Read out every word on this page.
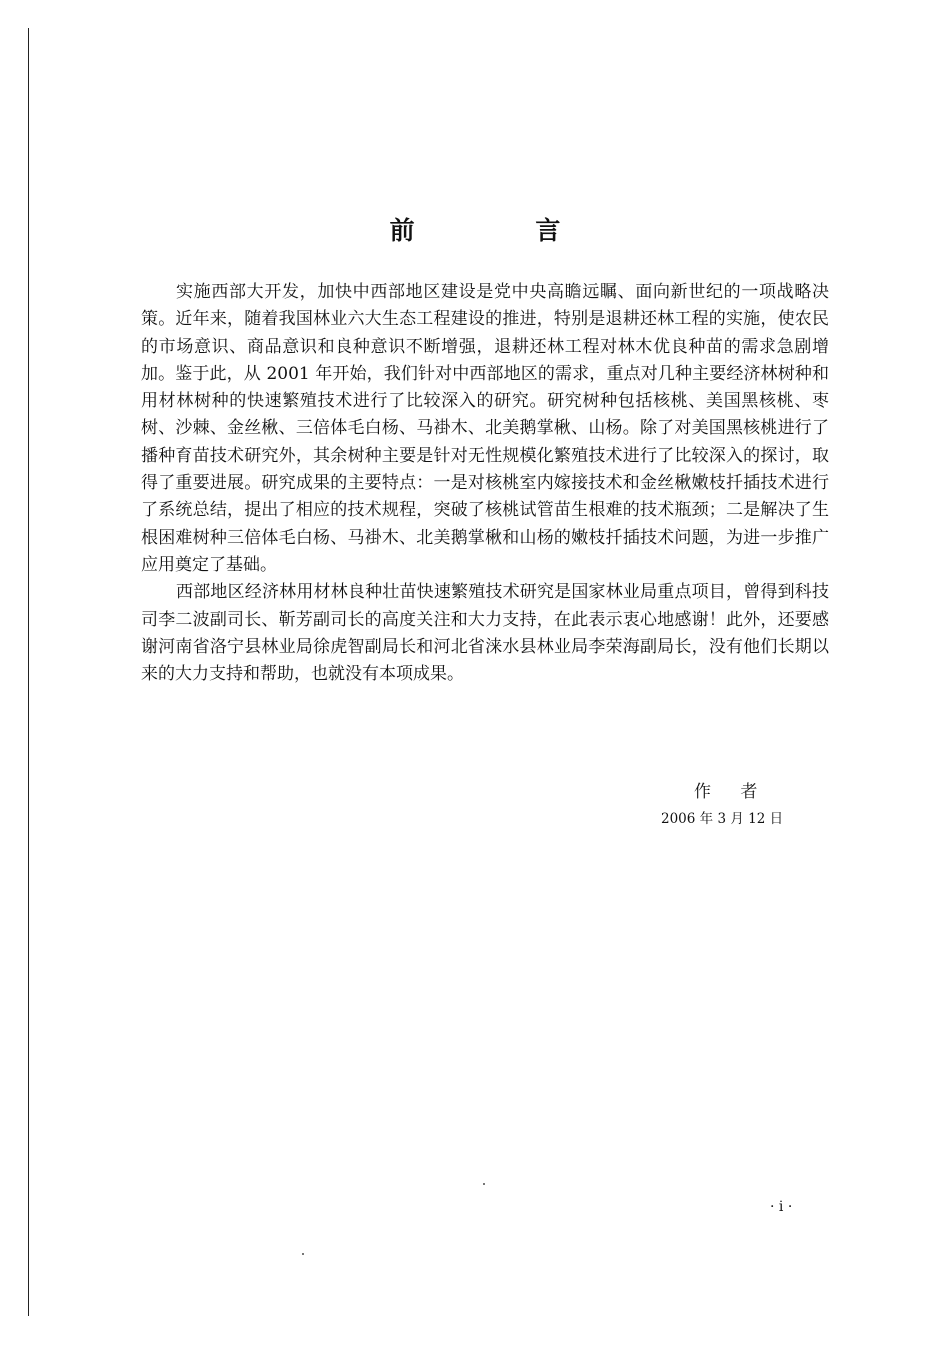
前 言

实施西部大开发，加快中西部地区建设是党中央高瞻远瞩、面向新世纪的一项战略决策。近年来，随着我国林业六大生态工程建设的推进，特别是退耕还林工程的实施，使农民的市场意识、商品意识和良种意识不断增强，退耕还林工程对林木优良种苗的需求急剧增加。鉴于此，从 2001 年开始，我们针对中西部地区的需求，重点对几种主要经济林树种和用材林树种的快速繁殖技术进行了比较深入的研究。研究树种包括核桃、美国黑核桃、枣树、沙棘、金丝楸、三倍体毛白杨、马褂木、北美鹅掌楸、山杨。除了对美国黑核桃进行了播种育苗技术研究外，其余树种主要是针对无性规模化繁殖技术进行了比较深入的探讨，取得了重要进展。研究成果的主要特点：一是对核桃室内嫁接技术和金丝楸嫩枝扦插技术进行了系统总结，提出了相应的技术规程，突破了核桃试管苗生根难的技术瓶颈；二是解决了生根困难树种三倍体毛白杨、马褂木、北美鹅掌楸和山杨的嫩枝扦插技术问题，为进一步推广应用奠定了基础。

西部地区经济林用材林良种壮苗快速繁殖技术研究是国家林业局重点项目，曾得到科技司李二波副司长、靳芳副司长的高度关注和大力支持，在此表示衷心地感谢！此外，还要感谢河南省洛宁县林业局徐虎智副局长和河北省涞水县林业局李荣海副局长，没有他们长期以来的大力支持和帮助，也就没有本项成果。

作 者
2006 年 3 月 12 日
· i ·
